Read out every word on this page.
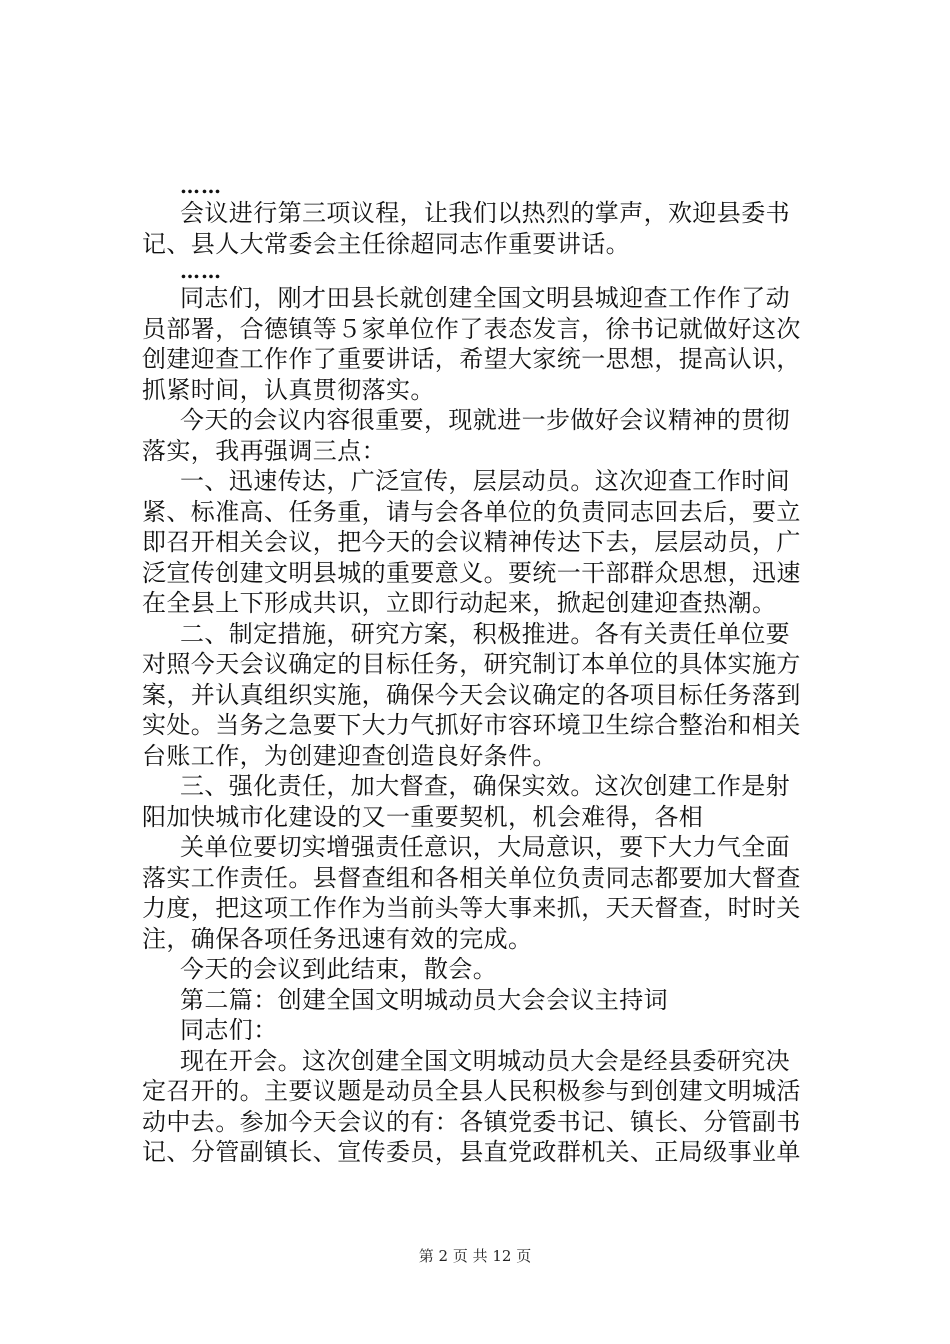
……
会议进行第三项议程，让我们以热烈的掌声，欢迎县委书
记、县人大常委会主任徐超同志作重要讲话。
……
同志们，刚才田县长就创建全国文明县城迎查工作作了动
员部署，合德镇等５家单位作了表态发言，徐书记就做好这次
创建迎查工作作了重要讲话，希望大家统一思想，提高认识，
抓紧时间，认真贯彻落实。
今天的会议内容很重要，现就进一步做好会议精神的贯彻
落实，我再强调三点：
一、迅速传达，广泛宣传，层层动员。这次迎查工作时间
紧、标准高、任务重，请与会各单位的负责同志回去后，要立
即召开相关会议，把今天的会议精神传达下去，层层动员，广
泛宣传创建文明县城的重要意义。要统一干部群众思想，迅速
在全县上下形成共识，立即行动起来，掀起创建迎查热潮。
二、制定措施，研究方案，积极推进。各有关责任单位要
对照今天会议确定的目标任务，研究制订本单位的具体实施方
案，并认真组织实施，确保今天会议确定的各项目标任务落到
实处。当务之急要下大力气抓好市容环境卫生综合整治和相关
台账工作，为创建迎查创造良好条件。
三、强化责任，加大督查，确保实效。这次创建工作是射
阳加快城市化建设的又一重要契机，机会难得，各相
关单位要切实增强责任意识，大局意识，要下大力气全面
落实工作责任。县督查组和各相关单位负责同志都要加大督查
力度，把这项工作作为当前头等大事来抓，天天督查，时时关
注，确保各项任务迅速有效的完成。
今天的会议到此结束，散会。
第二篇：创建全国文明城动员大会会议主持词
同志们：
现在开会。这次创建全国文明城动员大会是经县委研究决
定召开的。主要议题是动员全县人民积极参与到创建文明城活
动中去。参加今天会议的有：各镇党委书记、镇长、分管副书
记、分管副镇长、宣传委员，县直党政群机关、正局级事业单
第 2 页 共 12 页
